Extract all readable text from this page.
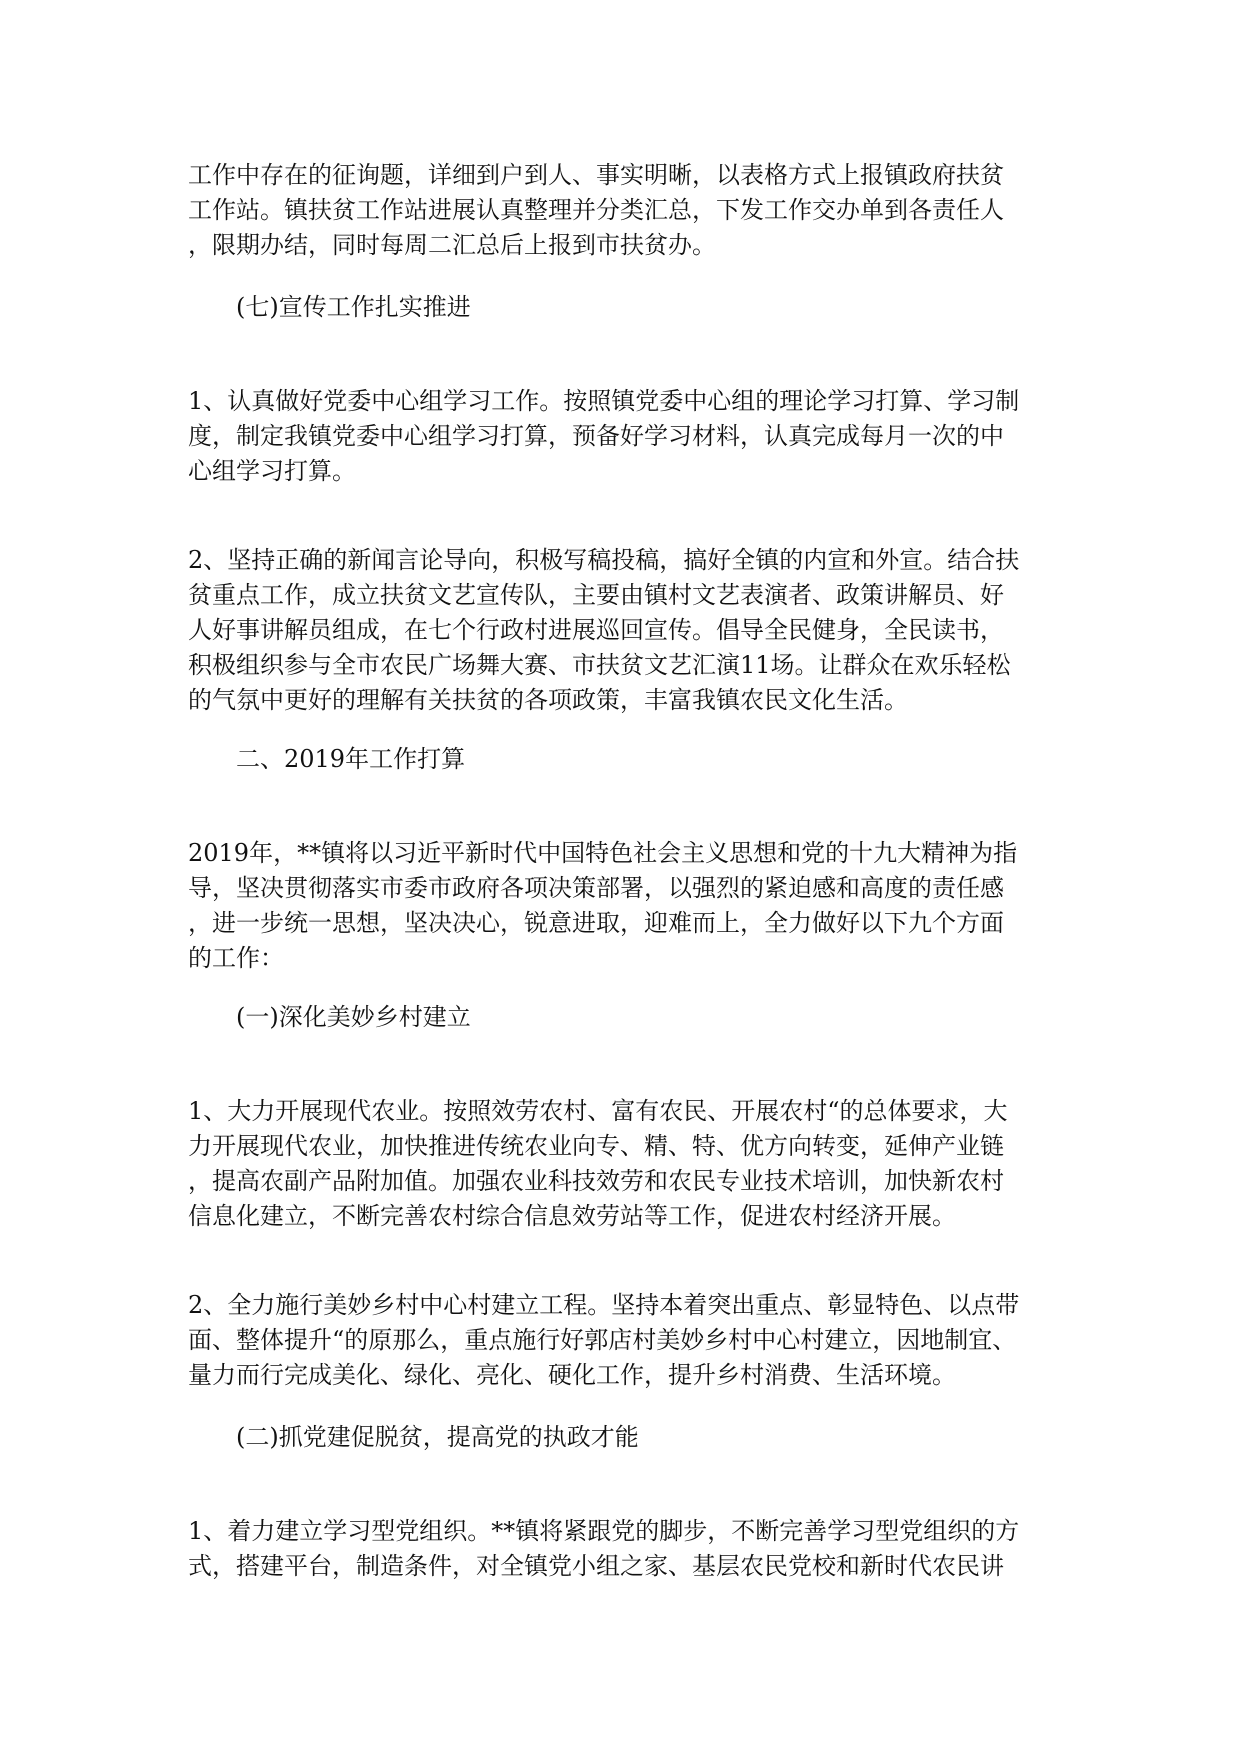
工作中存在的征询题，详细到户到人、事实明晰，以表格方式上报镇政府扶贫
工作站。镇扶贫工作站进展认真整理并分类汇总，下发工作交办单到各责任人
，限期办结，同时每周二汇总后上报到市扶贫办。
(七)宣传工作扎实推进
1、认真做好党委中心组学习工作。按照镇党委中心组的理论学习打算、学习制
度，制定我镇党委中心组学习打算，预备好学习材料，认真完成每月一次的中
心组学习打算。
2、坚持正确的新闻言论导向，积极写稿投稿，搞好全镇的内宣和外宣。结合扶
贫重点工作，成立扶贫文艺宣传队，主要由镇村文艺表演者、政策讲解员、好
人好事讲解员组成，在七个行政村进展巡回宣传。倡导全民健身，全民读书，
积极组织参与全市农民广场舞大赛、市扶贫文艺汇演11场。让群众在欢乐轻松
的气氛中更好的理解有关扶贫的各项政策，丰富我镇农民文化生活。
二、2019年工作打算
2019年，**镇将以习近平新时代中国特色社会主义思想和党的十九大精神为指
导，坚决贯彻落实市委市政府各项决策部署，以强烈的紧迫感和高度的责任感
，进一步统一思想，坚决决心，锐意进取，迎难而上，全力做好以下九个方面
的工作：
(一)深化美妙乡村建立
1、大力开展现代农业。按照效劳农村、富有农民、开展农村“的总体要求，大
力开展现代农业，加快推进传统农业向专、精、特、优方向转变，延伸产业链
，提高农副产品附加值。加强农业科技效劳和农民专业技术培训，加快新农村
信息化建立，不断完善农村综合信息效劳站等工作，促进农村经济开展。
2、全力施行美妙乡村中心村建立工程。坚持本着突出重点、彰显特色、以点带
面、整体提升“的原那么，重点施行好郭店村美妙乡村中心村建立，因地制宜、
量力而行完成美化、绿化、亮化、硬化工作，提升乡村消费、生活环境。
(二)抓党建促脱贫，提高党的执政才能
1、着力建立学习型党组织。**镇将紧跟党的脚步，不断完善学习型党组织的方
式，搭建平台，制造条件，对全镇党小组之家、基层农民党校和新时代农民讲
